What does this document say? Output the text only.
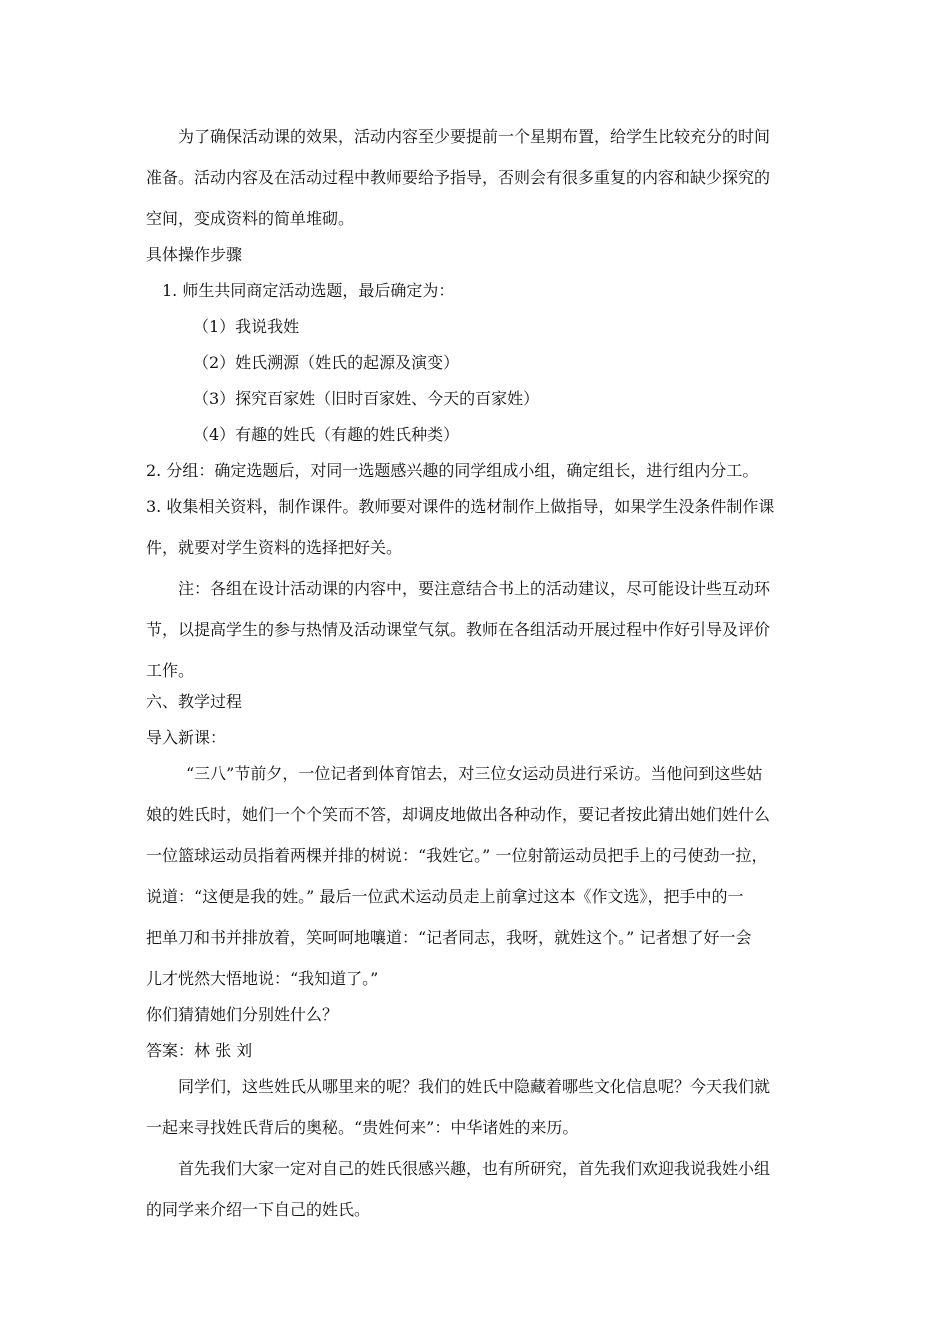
为了确保活动课的效果，活动内容至少要提前一个星期布置，给学生比较充分的时间
准备。活动内容及在活动过程中教师要给予指导，否则会有很多重复的内容和缺少探究的
空间，变成资料的简单堆砌。
具体操作步骤
1. 师生共同商定活动选题，最后确定为：
（1）我说我姓
（2）姓氏溯源（姓氏的起源及演变）
（3）探究百家姓（旧时百家姓、今天的百家姓）
（4）有趣的姓氏（有趣的姓氏种类）
2. 分组：确定选题后，对同一选题感兴趣的同学组成小组，确定组长，进行组内分工。
3. 收集相关资料，制作课件。教师要对课件的选材制作上做指导，如果学生没条件制作课
件，就要对学生资料的选择把好关。
注：各组在设计活动课的内容中，要注意结合书上的活动建议，尽可能设计些互动环
节，以提高学生的参与热情及活动课堂气氛。教师在各组活动开展过程中作好引导及评价
工作。
六、教学过程
导入新课：
“三八”节前夕，一位记者到体育馆去，对三位女运动员进行采访。当他问到这些姑
娘的姓氏时，她们一个个笑而不答，却调皮地做出各种动作，要记者按此猜出她们姓什么
一位篮球运动员指着两棵并排的树说：“我姓它。” 一位射箭运动员把手上的弓使劲一拉，
说道：“这便是我的姓。” 最后一位武术运动员走上前拿过这本《作文选》，把手中的一
把单刀和书并排放着，笑呵呵地嚷道：“记者同志，我呀，就姓这个。” 记者想了好一会
儿才恍然大悟地说：“我知道了。”
你们猜猜她们分别姓什么？
答案：林 张 刘
同学们，这些姓氏从哪里来的呢？我们的姓氏中隐藏着哪些文化信息呢？今天我们就
一起来寻找姓氏背后的奥秘。“贵姓何来”：中华诸姓的来历。
首先我们大家一定对自己的姓氏很感兴趣，也有所研究，首先我们欢迎我说我姓小组
的同学来介绍一下自己的姓氏。
